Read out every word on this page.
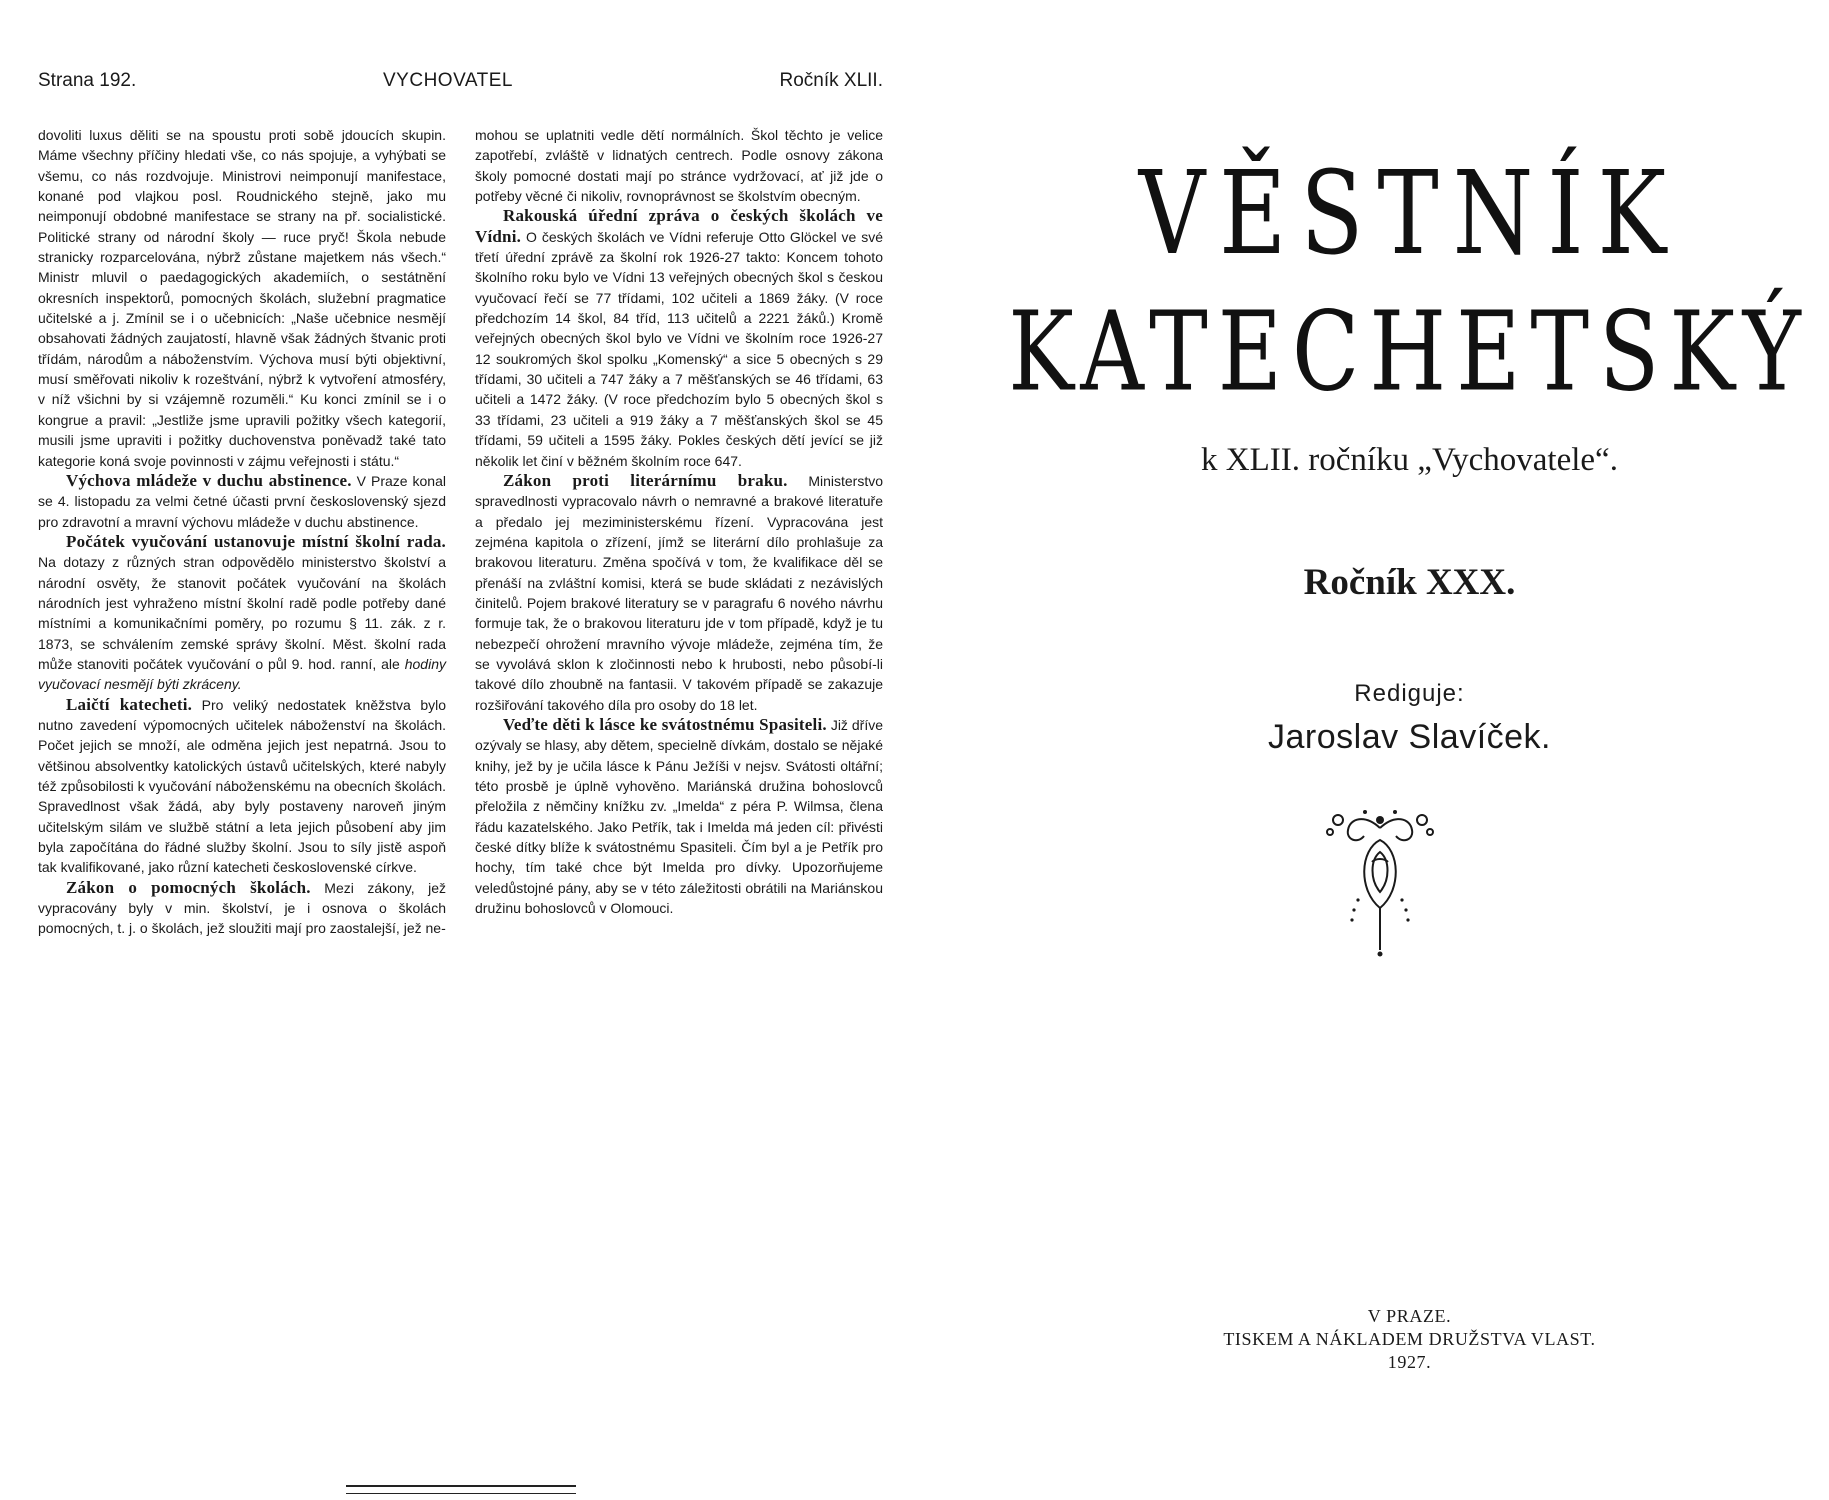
Strana 192.	VYCHOVATEL	Ročník XLII.

dovoliti luxus děliti se na spoustu proti sobě jdoucích skupin. Máme všechny příčiny hledati vše, co nás spojuje, a vyhýbati se všemu, co nás rozdvojuje. Ministrovi neimponují manifestace, konané pod vlajkou posl. Roudnického stejně, jako mu neimponují obdobné manifestace se strany na př. socialistické. Politické strany od národní školy — ruce pryč! Škola nebude stranicky rozparcelována, nýbrž zůstane majetkem nás všech.“ Ministr mluvil o paedagogických akademiích, o sestátnění okresních inspektorů, pomocných školách, služební pragmatice učitelské a j. Zmínil se i o učebnicích: „Naše učebnice nesmějí obsahovati žádných zaujatostí, hlavně však žádných štvanic proti třídám, národům a náboženstvím. Výchova musí býti objektivní, musí směřovati nikoliv k rozeštvání, nýbrž k vytvoření atmosféry, v níž všichni by si vzájemně rozuměli.“ Ku konci zmínil se i o kongrue a pravil: „Jestliže jsme upravili požitky všech kategorií, musili jsme upraviti i požitky duchovenstva poněvadž také tato kategorie koná svoje povinnosti v zájmu veřejnosti i státu.“

Výchova mládeže v duchu abstinence. V Praze konal se 4. listopadu za velmi četné účasti první československý sjezd pro zdravotní a mravní výchovu mládeže v duchu abstinence.

Počátek vyučování ustanovuje místní školní rada. Na dotazy z různých stran odpovědělo ministerstvo školství a národní osvěty, že stanovit počátek vyučování na školách národních jest vyhraženo místní školní radě podle potřeby dané místními a komunikačními poměry, po rozumu § 11. zák. z r. 1873, se schválením zemské správy školní. Měst. školní rada může stanoviti počátek vyučování o půl 9. hod. ranní, ale hodiny vyučovací nesmějí býti zkráceny.

Laičtí katecheti. Pro veliký nedostatek kněžstva bylo nutno zavedení výpomocných učitelek náboženství na školách. Počet jejich se množí, ale odměna jejich jest nepatrná. Jsou to většinou absolventky katolických ústavů učitelských, které nabyly též způsobilosti k vyučování náboženskému na obecních školách. Spravedlnost však žádá, aby byly postaveny naroveň jiným učitelským silám ve službě státní a leta jejich působení aby jim byla započítána do řádné služby školní. Jsou to síly jistě aspoň tak kvalifikované, jako různí katecheti československé církve.

Zákon o pomocných školách. Mezi zákony, jež vypracovány byly v min. školství, je i osnova o školách pomocných, t. j. o školách, jež sloužiti mají pro zaostalejší, jež ne-

mohou se uplatniti vedle dětí normálních. Škol těchto je velice zapotřebí, zvláště v lidnatých centrech. Podle osnovy zákona školy pomocné dostati mají po stránce vydržovací, ať již jde o potřeby věcné či nikoliv, rovnoprávnost se školstvím obecným.

Rakouská úřední zpráva o českých školách ve Vídni. O českých školách ve Vídni referuje Otto Glöckel ve své třetí úřední zprávě za školní rok 1926-27 takto: Koncem tohoto školního roku bylo ve Vídni 13 veřejných obecných škol s českou vyučovací řečí se 77 třídami, 102 učiteli a 1869 žáky. (V roce předchozím 14 škol, 84 tříd, 113 učitelů a 2221 žáků.) Kromě veřejných obecných škol bylo ve Vídni ve školním roce 1926-27 12 soukromých škol spolku „Komenský“ a sice 5 obecných s 29 třídami, 30 učiteli a 747 žáky a 7 měšťanských se 46 třídami, 63 učiteli a 1472 žáky. (V roce předchozím bylo 5 obecných škol s 33 třídami, 23 učiteli a 919 žáky a 7 měšťanských škol se 45 třídami, 59 učiteli a 1595 žáky. Pokles českých dětí jevící se již několik let činí v běžném školním roce 647.

Zákon proti literárnímu braku. Ministerstvo spravedlnosti vypracovalo návrh o nemravné a brakové literatuře a předalo jej meziministerskému řízení. Vypracována jest zejména kapitola o zřízení, jímž se literární dílo prohlašuje za brakovou literaturu. Změna spočívá v tom, že kvalifikace děl se přenáší na zvláštní komisi, která se bude skládati z nezávislých činitelů. Pojem brakové literatury se v paragrafu 6 nového návrhu formuje tak, že o brakovou literaturu jde v tom případě, když je tu nebezpečí ohrožení mravního vývoje mládeže, zejména tím, že se vyvolává sklon k zločinnosti nebo k hrubosti, nebo působí-li takové dílo zhoubně na fantasii. V takovém případě se zakazuje rozšiřování takového díla pro osoby do 18 let.

Veďte děti k lásce ke svátostnému Spasiteli. Již dříve ozývaly se hlasy, aby dětem, specielně dívkám, dostalo se nějaké knihy, jež by je učila lásce k Pánu Ježíši v nejsv. Svátosti oltářní; této prosbě je úplně vyhověno. Mariánská družina bohoslovců přeložila z němčiny knížku zv. „Imelda“ z péra P. Wilmsa, člena řádu kazatelského. Jako Petřík, tak i Imelda má jeden cíl: přivésti české dítky blíže k svátostnému Spasiteli. Čím byl a je Petřík pro hochy, tím také chce být Imelda pro dívky. Upozorňujeme veledůstojné pány, aby se v této záležitosti obrátili na Mariánskou družinu bohoslovců v Olomouci.

VĚSTNÍK
KATECHETSKÝ
k XLII. ročníku „Vychovatele“.
Ročník XXX.
Rediguje:
Jaroslav Slavíček.
V PRAZE.
TISKEM A NÁKLADEM DRUŽSTVA VLAST.
1927.
